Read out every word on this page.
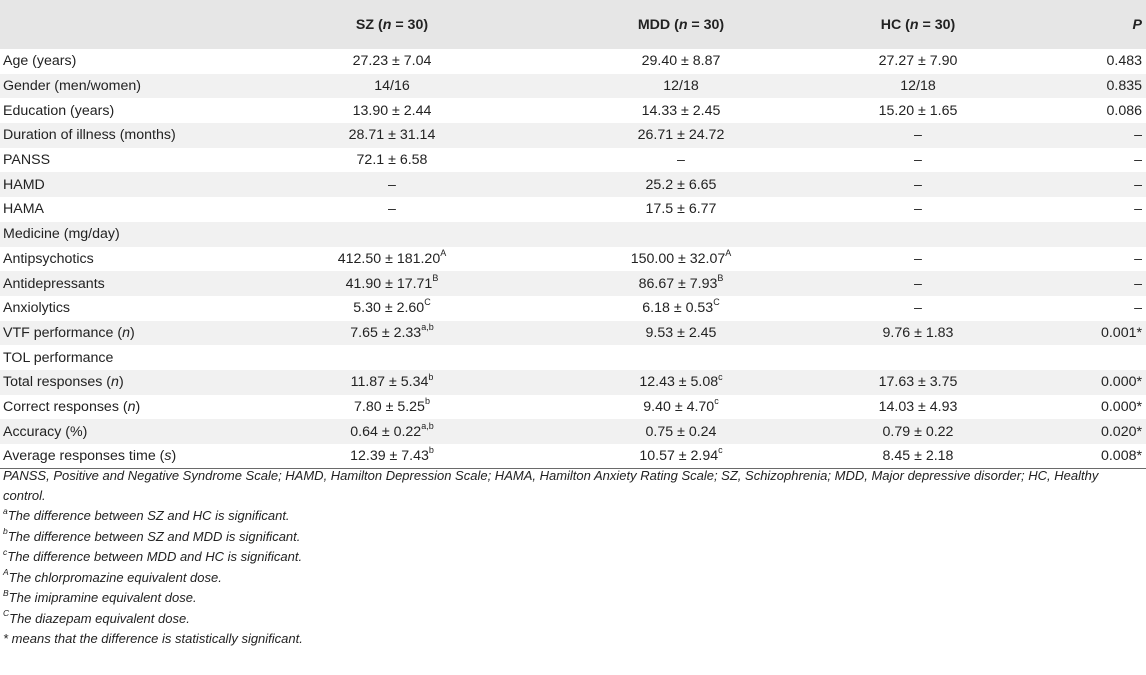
	SZ (n = 30)	MDD (n = 30)	HC (n = 30)	P
Age (years)	27.23 ± 7.04	29.40 ± 8.87	27.27 ± 7.90	0.483
Gender (men/women)	14/16	12/18	12/18	0.835
Education (years)	13.90 ± 2.44	14.33 ± 2.45	15.20 ± 1.65	0.086
Duration of illness (months)	28.71 ± 31.14	26.71 ± 24.72	–	–
PANSS	72.1 ± 6.58	–	–	–
HAMD	–	25.2 ± 6.65	–	–
HAMA	–	17.5 ± 6.77	–	–
Medicine (mg/day)				
Antipsychotics	$412.50 \pm 181.20^A$	$150.00 \pm 32.07^A$	–	–
Antidepressants	$41.90 \pm 17.71^B$	$86.67 \pm 7.93^B$	–	–
Anxiolytics	$5.30 \pm 2.60^C$	$6.18 \pm 0.53^C$	–	–
VTF performance (n)	$7.65 \pm 2.33^{a,b}$	9.53 ± 2.45	9.76 ± 1.83	0.001*
TOL performance				
Total responses (n)	11.87 ± 5.34$^b$	12.43 ± 5.08$^c$	17.63 ± 3.75	0.000*
Correct responses (n)	7.80 ± 5.25$^b$	9.40 ± 4.70$^c$	14.03 ± 4.93	0.000*
Accuracy (%)	$0.64 \pm 0.22^{a,b}$	0.75 ± 0.24	0.79 ± 0.22	0.020*
Average responses time (s)	12.39 ± 7.43$^b$	10.57 ± 2.94$^c$	8.45 ± 2.18	0.008*

PANSS, Positive and Negative Syndrome Scale; HAMD, Hamilton Depression Scale; HAMA, Hamilton Anxiety Rating Scale; SZ, Schizophrenia; MDD, Major depressive disorder; HC, Healthy control.

$^a$The difference between SZ and HC is significant.

$^b$The difference between SZ and MDD is significant.

$^c$The difference between MDD and HC is significant.

$^A$The chlorpromazine equivalent dose.

$^B$The imipramine equivalent dose.

$^C$The diazepam equivalent dose.

* means that the difference is statistically significant.
